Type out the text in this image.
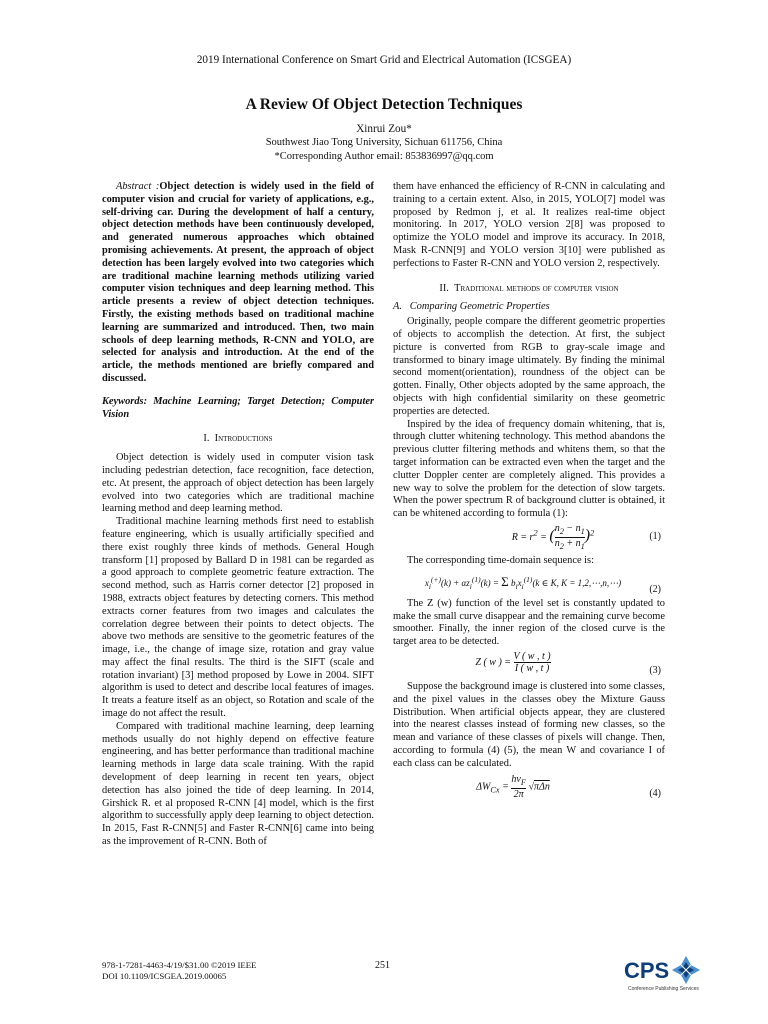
2019 International Conference on Smart Grid and Electrical Automation (ICSGEA)
A Review Of Object Detection Techniques
Xinrui Zou*
Southwest Jiao Tong University, Sichuan 611756, China
*Corresponding Author email: 853836997@qq.com

Abstract :Object detection is widely used in the field of computer vision and crucial for variety of applications, e.g., self-driving car. During the development of half a century, object detection methods have been continuously developed, and generated numerous approaches which obtained promising achievements. At present, the approach of object detection has been largely evolved into two categories which are traditional machine learning methods utilizing varied computer vision techniques and deep learning method. This article presents a review of object detection techniques. Firstly, the existing methods based on traditional machine learning are summarized and introduced. Then, two main schools of deep learning methods, R-CNN and YOLO, are selected for analysis and introduction. At the end of the article, the methods mentioned are briefly compared and discussed.

Keywords: Machine Learning; Target Detection; Computer Vision

I. Introductions

Object detection is widely used in computer vision task including pedestrian detection, face recognition, face detection, etc. At present, the approach of object detection has been largely evolved into two categories which are traditional machine learning method and deep learning method.

Traditional machine learning methods first need to establish feature engineering, which is usually artificially specified and there exist roughly three kinds of methods. General Hough transform [1] proposed by Ballard D in 1981 can be regarded as a good approach to complete geometric feature extraction. The second method, such as Harris corner detector [2] proposed in 1988, extracts object features by detecting corners. This method extracts corner features from two images and calculates the correlation degree between their points to detect objects. The above two methods are sensitive to the geometric features of the image, i.e., the change of image size, rotation and gray value may affect the final results. The third is the SIFT (scale and rotation invariant) [3] method proposed by Lowe in 2004. SIFT algorithm is used to detect and describe local features of images. It treats a feature itself as an object, so Rotation and scale of the image do not affect the result.

Compared with traditional machine learning, deep learning methods usually do not highly depend on effective feature engineering, and has better performance than traditional machine learning methods in large data scale training. With the rapid development of deep learning in recent ten years, object detection has also joined the tide of deep learning. In 2014, Girshick R. et al proposed R-CNN [4] model, which is the first algorithm to successfully apply deep learning to object detection. In 2015, Fast R-CNN[5] and Faster R-CNN[6] came into being as the improvement of R-CNN. Both of

them have enhanced the efficiency of R-CNN in calculating and training to a certain extent. Also, in 2015, YOLO[7] model was proposed by Redmon j, et al. It realizes real-time object monitoring. In 2017, YOLO version 2[8] was proposed to optimize the YOLO model and improve its accuracy. In 2018, Mask R-CNN[9] and YOLO version 3[10] were published as perfections to Faster R-CNN and YOLO version 2, respectively.

II. Traditional methods of computer vision
A. Comparing Geometric Properties

Originally, people compare the different geometric properties of objects to accomplish the detection. At first, the subject picture is converted from RGB to gray-scale image and transformed to binary image ultimately. By finding the minimal second moment(orientation), roundness of the object can be gotten. Finally, Other objects adopted by the same approach, the objects with high confidential similarity on these geometric properties are detected.

Inspired by the idea of frequency domain whitening, that is, through clutter whitening technology. This method abandons the previous clutter filtering methods and whitens them, so that the target information can be extracted even when the target and the clutter Doppler center are completely aligned. This provides a new way to solve the problem for the detection of slow targets. When the power spectrum R of background clutter is obtained, it can be whitened according to formula (1):

$R = r^2$ = ( $\frac{n_2 - n_1}{n_2 + n_1} )^2$	(1)

The corresponding time-domain sequence is:

$x_i^{(+)}(k) + \alpha z_i^{(1)}(k) = \Sigma$ $b_ix_i^{(1)}(k$ ∈ K, K = 1,2,⋯,n,⋯)
(2)

The Z (w) function of the level set is constantly updated to make the small curve disappear and the remaining curve become smoother. Finally, the inner region of the closed curve is the target area to be detected.

Z ( w ) = $\frac{V ( w , t )}{I ( w , t )}$	(3)

Suppose the background image is clustered into some classes, and the pixel values in the classes obey the Mixture Gauss Distribution. When artificial objects appear, they are clustered into the nearest classes instead of forming new classes, so the mean and variance of these classes of pixels will change. Then, according to formula (4) (5), the mean W and covariance I of each class can be calculated.

$\Delta W_{Cx} = \frac{hv_F}{2\pi} √\pi\Delta n$
(4)
978-1-7281-4463-4/19/$31.00 ©2019 IEEE
DOI 10.1109/ICSGEA.2019.00065
251	CPS
Conference Publishing Services
